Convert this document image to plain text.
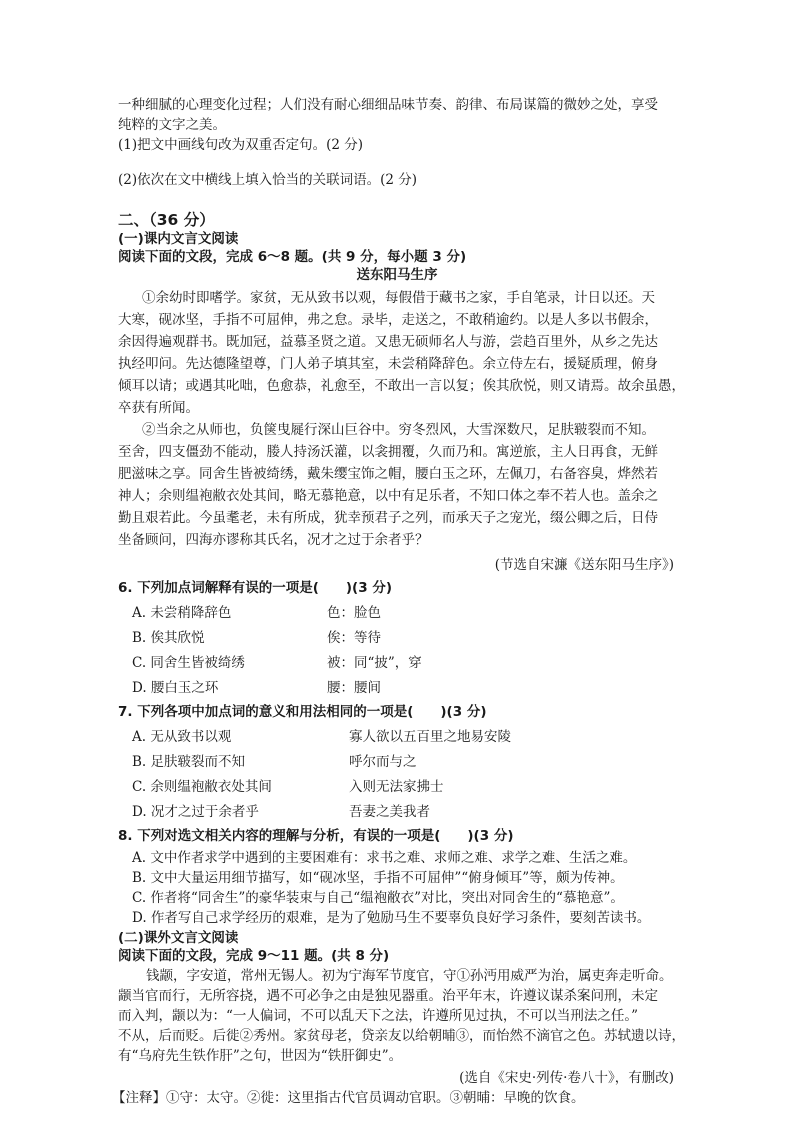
一种细腻的心理变化过程；人们没有耐心细细品味节奏、韵律、布局谋篇的微妙之处，享受
纯粹的文字之美。
(1)把文中画线句改为双重否定句。(2 分)
(2)依次在文中横线上填入恰当的关联词语。(2 分)
二、（36 分）
(一)课内文言文阅读
阅读下面的文段，完成 6～8 题。(共 9 分，每小题 3 分)
送东阳马生序
①余幼时即嗜学。家贫，无从致书以观，每假借于藏书之家，手自笔录，计日以还。天
大寒，砚冰坚，手指不可屈伸，弗之怠。录毕，走送之，不敢稍逾约。以是人多以书假余，
余因得遍观群书。既加冠，益慕圣贤之道。又患无硕师名人与游，尝趋百里外，从乡之先达
执经叩问。先达德隆望尊，门人弟子填其室，未尝稍降辞色。余立侍左右，援疑质理，俯身
倾耳以请；或遇其叱咄，色愈恭，礼愈至，不敢出一言以复；俟其欣悦，则又请焉。故余虽愚，
卒获有所闻。
②当余之从师也，负箧曳屣行深山巨谷中。穷冬烈风，大雪深数尺，足肤皲裂而不知。
至舍，四支僵劲不能动，媵人持汤沃灌，以衾拥覆，久而乃和。寓逆旅，主人日再食，无鲜
肥滋味之享。同舍生皆被绮绣，戴朱缨宝饰之帽，腰白玉之环，左佩刀，右备容臭，烨然若
神人；余则缊袍敝衣处其间，略无慕艳意，以中有足乐者，不知口体之奉不若人也。盖余之
勤且艰若此。今虽耄老，未有所成，犹幸预君子之列，而承天子之宠光，缀公卿之后，日侍
坐备顾问，四海亦谬称其氏名，况才之过于余者乎？
(节选自宋濂《送东阳马生序》)
6. 下列加点词解释有误的一项是(　　)(3 分)
A. 未尝稍降辞色	色：脸色
B. 俟其欣悦	俟：等待
C. 同舍生皆被绮绣	被：同“披”，穿
D. 腰白玉之环	腰：腰间
7. 下列各项中加点词的意义和用法相同的一项是(　　)(3 分)
A. 无从致书以观	寡人欲以五百里之地易安陵
B. 足肤皲裂而不知	呼尔而与之
C. 余则缊袍敝衣处其间	入则无法家拂士
D. 况才之过于余者乎	吾妻之美我者
8. 下列对选文相关内容的理解与分析，有误的一项是(　　)(3 分)
A. 文中作者求学中遇到的主要困难有：求书之难、求师之难、求学之难、生活之难。
B. 文中大量运用细节描写，如“砚冰坚，手指不可屈伸”“俯身倾耳”等，颇为传神。
C. 作者将“同舍生”的豪华装束与自己“缊袍敝衣”对比，突出对同舍生的“慕艳意”。
D. 作者写自己求学经历的艰难，是为了勉励马生不要辜负良好学习条件，要刻苦读书。
(二)课外文言文阅读
阅读下面的文段，完成 9～11 题。(共 8 分)
钱颛，字安道，常州无锡人。初为宁海军节度官，守①孙沔用威严为治，属吏奔走听命。
颛当官而行，无所容挠，遇不可必争之由是独见器重。治平年末，许遵议谋杀案问刑，未定
而入判，颛以为：“一人偏词，不可以乱天下之法，许遵所见过执，不可以当刑法之任。”
不从，后而贬。后徙②秀州。家贫母老，贷亲友以给朝晡③，而怡然不滴官之色。苏轼遗以诗，
有“乌府先生铁作肝”之句，世因为“铁肝御史”。
(选自《宋史·列传·卷八十》，有删改)
【注释】①守：太守。②徙：这里指古代官员调动官职。③朝晡：早晚的饮食。
